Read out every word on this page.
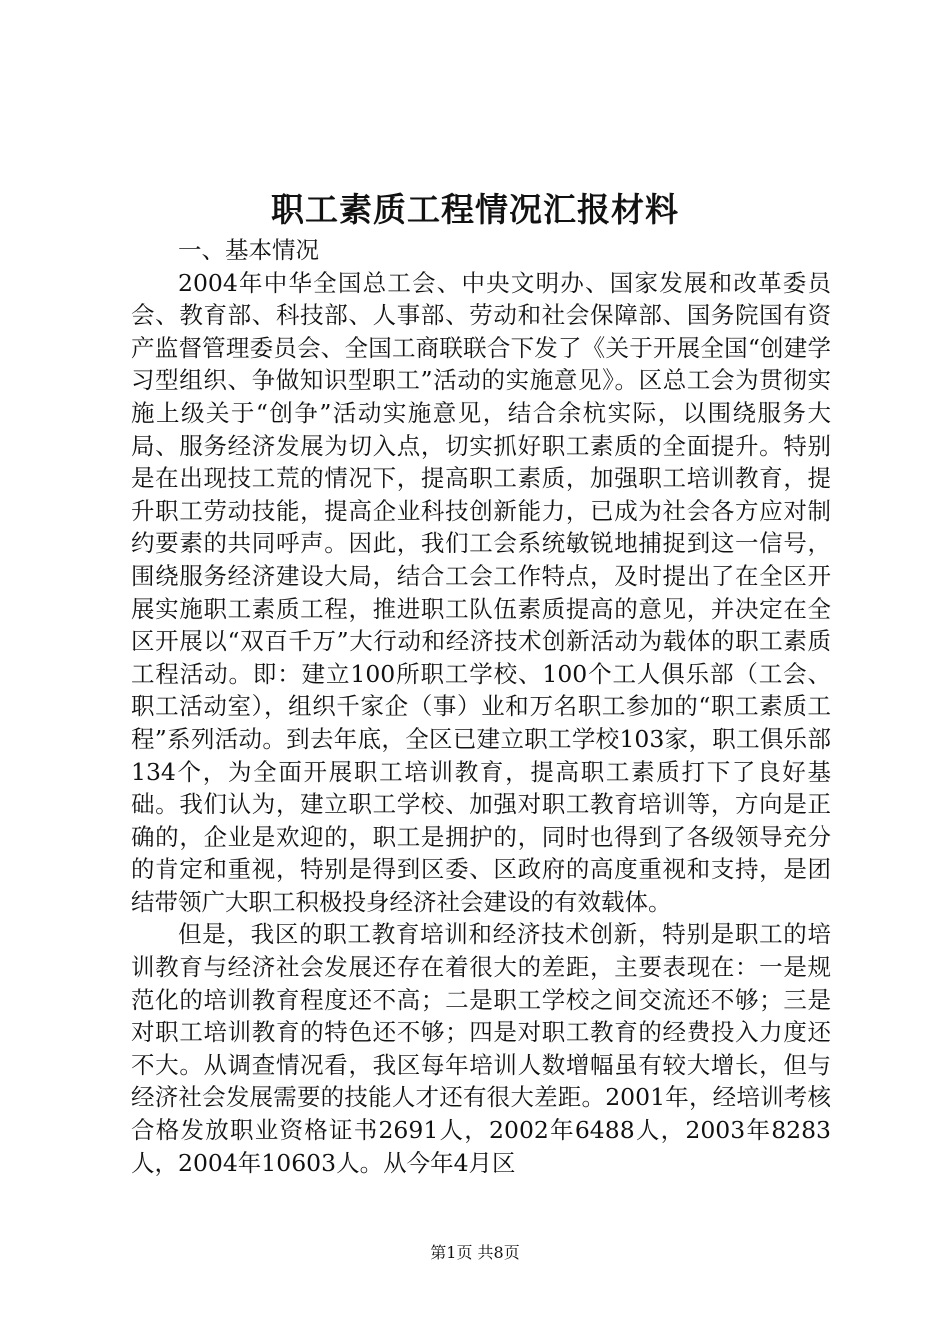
职工素质工程情况汇报材料

一、基本情况

2004年中华全国总工会、中央文明办、国家发展和改革委员会、教育部、科技部、人事部、劳动和社会保障部、国务院国有资产监督管理委员会、全国工商联联合下发了《关于开展全国“创建学习型组织、争做知识型职工”活动的实施意见》。区总工会为贯彻实施上级关于“创争”活动实施意见，结合余杭实际，以围绕服务大局、服务经济发展为切入点，切实抓好职工素质的全面提升。特别是在出现技工荒的情况下，提高职工素质，加强职工培训教育，提升职工劳动技能，提高企业科技创新能力，已成为社会各方应对制约要素的共同呼声。因此，我们工会系统敏锐地捕捉到这一信号，围绕服务经济建设大局，结合工会工作特点，及时提出了在全区开展实施职工素质工程，推进职工队伍素质提高的意见，并决定在全区开展以“双百千万”大行动和经济技术创新活动为载体的职工素质工程活动。即：建立100所职工学校、100个工人俱乐部（工会、职工活动室），组织千家企（事）业和万名职工参加的“职工素质工程”系列活动。到去年底，全区已建立职工学校103家，职工俱乐部134个，为全面开展职工培训教育，提高职工素质打下了良好基础。我们认为，建立职工学校、加强对职工教育培训等，方向是正确的，企业是欢迎的，职工是拥护的，同时也得到了各级领导充分的肯定和重视，特别是得到区委、区政府的高度重视和支持，是团结带领广大职工积极投身经济社会建设的有效载体。

但是，我区的职工教育培训和经济技术创新，特别是职工的培训教育与经济社会发展还存在着很大的差距，主要表现在：一是规范化的培训教育程度还不高；二是职工学校之间交流还不够；三是对职工培训教育的特色还不够；四是对职工教育的经费投入力度还不大。从调查情况看，我区每年培训人数增幅虽有较大增长，但与经济社会发展需要的技能人才还有很大差距。2001年，经培训考核合格发放职业资格证书2691人，2002年6488人，2003年8283人，2004年10603人。从今年4月区

第1页 共8页
